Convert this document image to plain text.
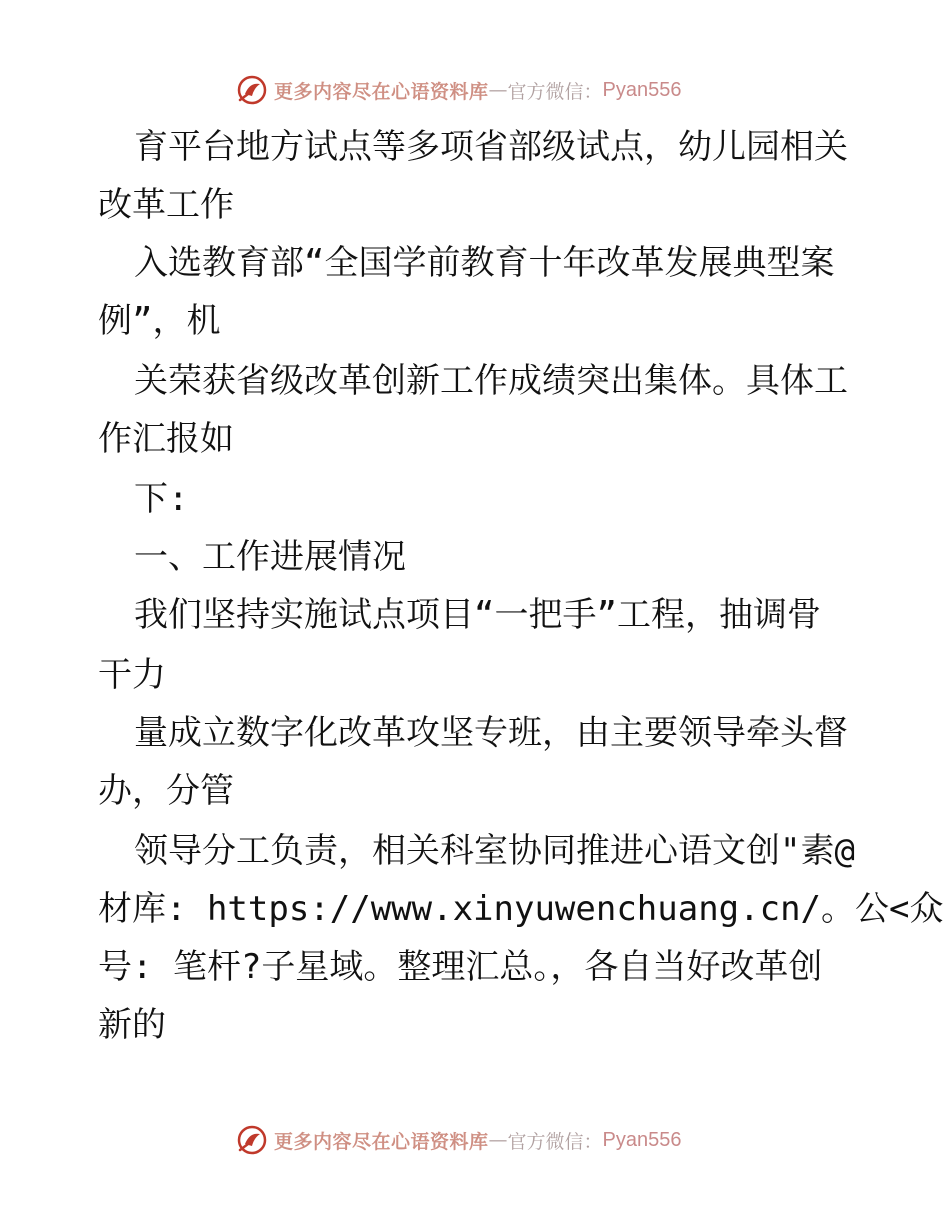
更多内容尽在心语资料库 — 官方微信： Pyan556
育平台地方试点等多项省部级试点，幼儿园相关
改革工作
入选教育部“全国学前教育十年改革发展典型案
例”，机
关荣获省级改革创新工作成绩突出集体。具体工
作汇报如
下:
一、工作进展情况
我们坚持实施试点项目“一把手”工程，抽调骨
干力
量成立数字化改革攻坚专班，由主要领导牵头督
办，分管
领导分工负责，相关科室协同推进心语文创"素@
材库: https://www.xinyuwenchuang.cn/。公<众
号: 笔杆?子星域。整理汇总。，各自当好改革创
新的
更多内容尽在心语资料库 — 官方微信： Pyan556
